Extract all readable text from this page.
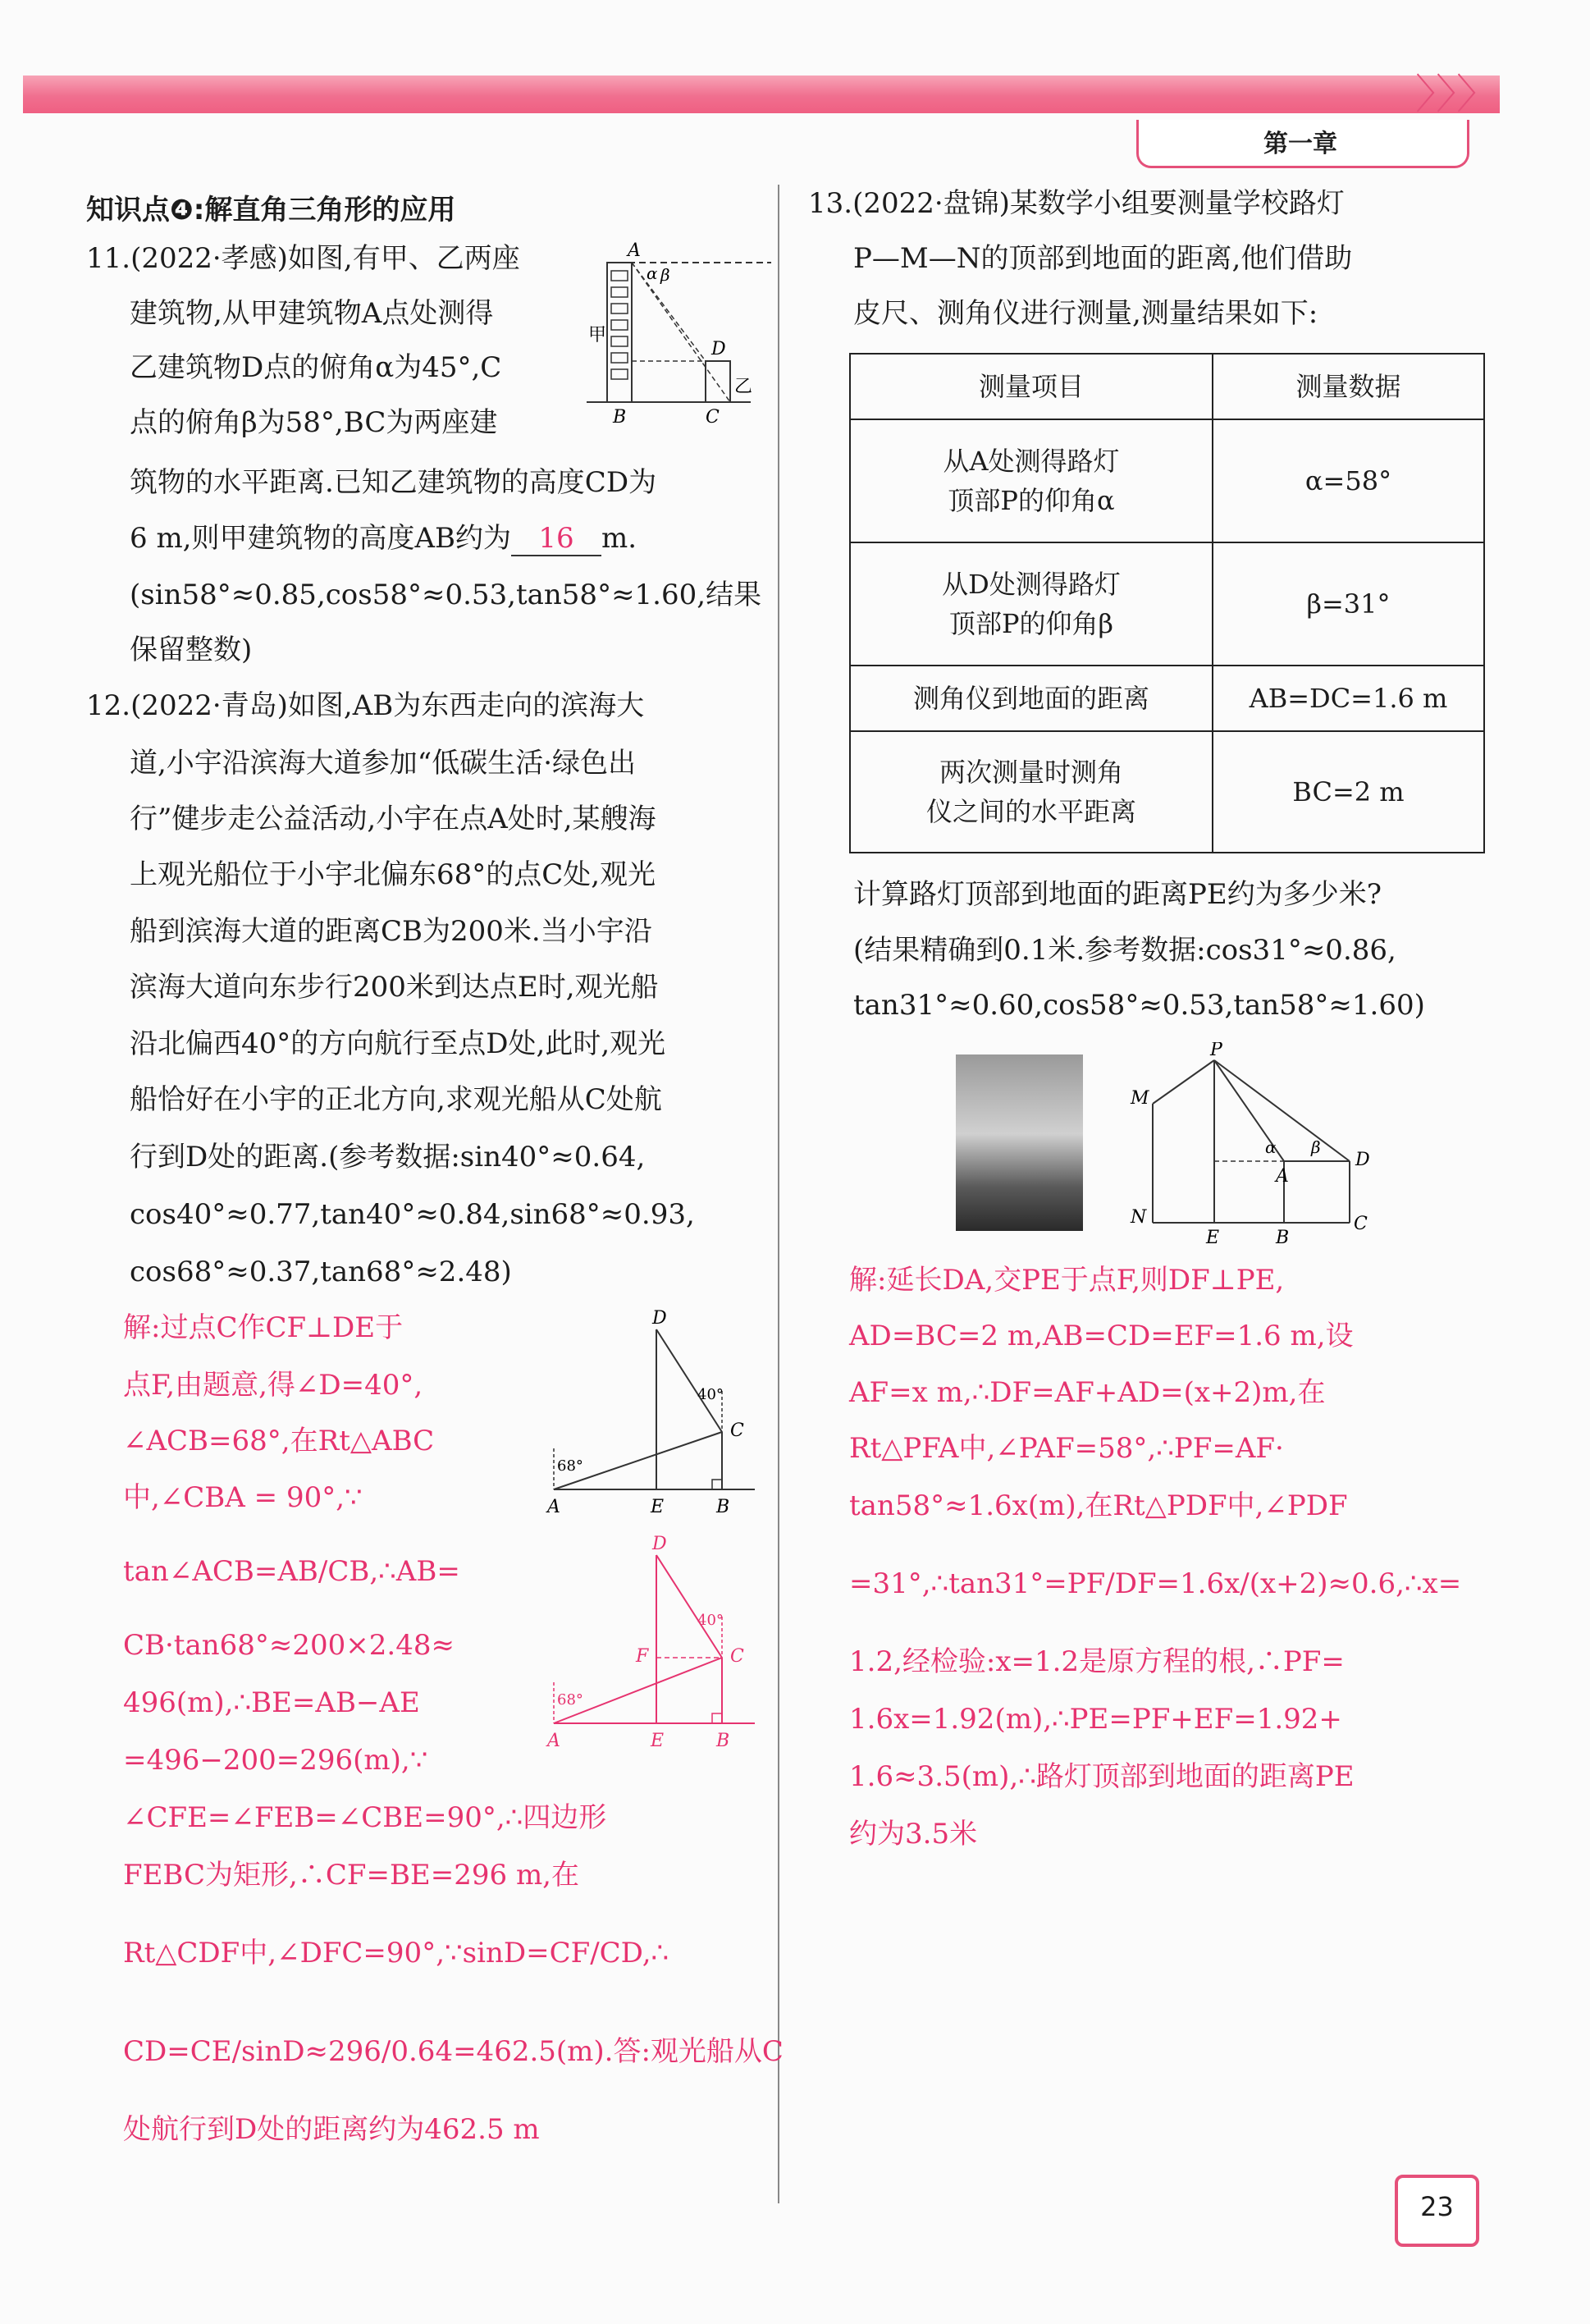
〉〉〉
第一章
知识点❹:解直角三角形的应用
11.(2022·孝感)如图,有甲、乙两座
建筑物,从甲建筑物A点处测得
乙建筑物D点的俯角α为45°,C
点的俯角β为58°,BC为两座建
筑物的水平距离.已知乙建筑物的高度CD为
6 m,则甲建筑物的高度AB约为 16 m.
(sin58°≈0.85,cos58°≈0.53,tan58°≈1.60,结果
保留整数)
A
α β
甲
D
乙
B	C
12.(2022·青岛)如图,AB为东西走向的滨海大
道,小宇沿滨海大道参加“低碳生活·绿色出
行”健步走公益活动,小宇在点A处时,某艘海
上观光船位于小宇北偏东68°的点C处,观光
船到滨海大道的距离CB为200米.当小宇沿
滨海大道向东步行200米到达点E时,观光船
沿北偏西40°的方向航行至点D处,此时,观光
船恰好在小宇的正北方向,求观光船从C处航
行到D处的距离.(参考数据:sin40°≈0.64,
cos40°≈0.77,tan40°≈0.84,sin68°≈0.93,
cos68°≈0.37,tan68°≈2.48)
解:过点C作CF⊥DE于
点F,由题意,得∠D=40°,
∠ACB=68°,在Rt△ABC
中,∠CBA = 90°,∵
tan∠ACB=AB/CB,∴AB=
CB·tan68°≈200×2.48≈
496(m),∴BE=AB−AE
=496−200=296(m),∵
∠CFE=∠FEB=∠CBE=90°,∴四边形
FEBC为矩形,∴CF=BE=296 m,在
Rt△CDF中,∠DFC=90°,∵sinD=CF/CD,∴
CD=CE/sinD≈296/0.64=462.5(m).答:观光船从C
处航行到D处的距离约为462.5 m
D
40°
C
68°
A	E	B
D
40°
C
F
68°
A	E	B
13.(2022·盘锦)某数学小组要测量学校路灯
P—M—N的顶部到地面的距离,他们借助
皮尺、测角仪进行测量,测量结果如下:
测量项目	测量数据

从A处测得路灯
顶部P的仰角α	α=58°

从D处测得路灯
顶部P的仰角β	β=31°
测角仪到地面的距离	AB=DC=1.6 m

两次测量时测角
仪之间的水平距离	BC=2 m
计算路灯顶部到地面的距离PE约为多少米?
(结果精确到0.1米.参考数据:cos31°≈0.86,
tan31°≈0.60,cos58°≈0.53,tan58°≈1.60)
P
M
N
E	B
C
A
D
α β
解:延长DA,交PE于点F,则DF⊥PE,
AD=BC=2 m,AB=CD=EF=1.6 m,设
AF=x m,∴DF=AF+AD=(x+2)m,在
Rt△PFA中,∠PAF=58°,∴PF=AF·
tan58°≈1.6x(m),在Rt△PDF中,∠PDF
=31°,∴tan31°=PF/DF=1.6x/(x+2)≈0.6,∴x=
1.2,经检验:x=1.2是原方程的根,∴PF=
1.6x=1.92(m),∴PE=PF+EF=1.92+
1.6≈3.5(m),∴路灯顶部到地面的距离PE
约为3.5米
23
